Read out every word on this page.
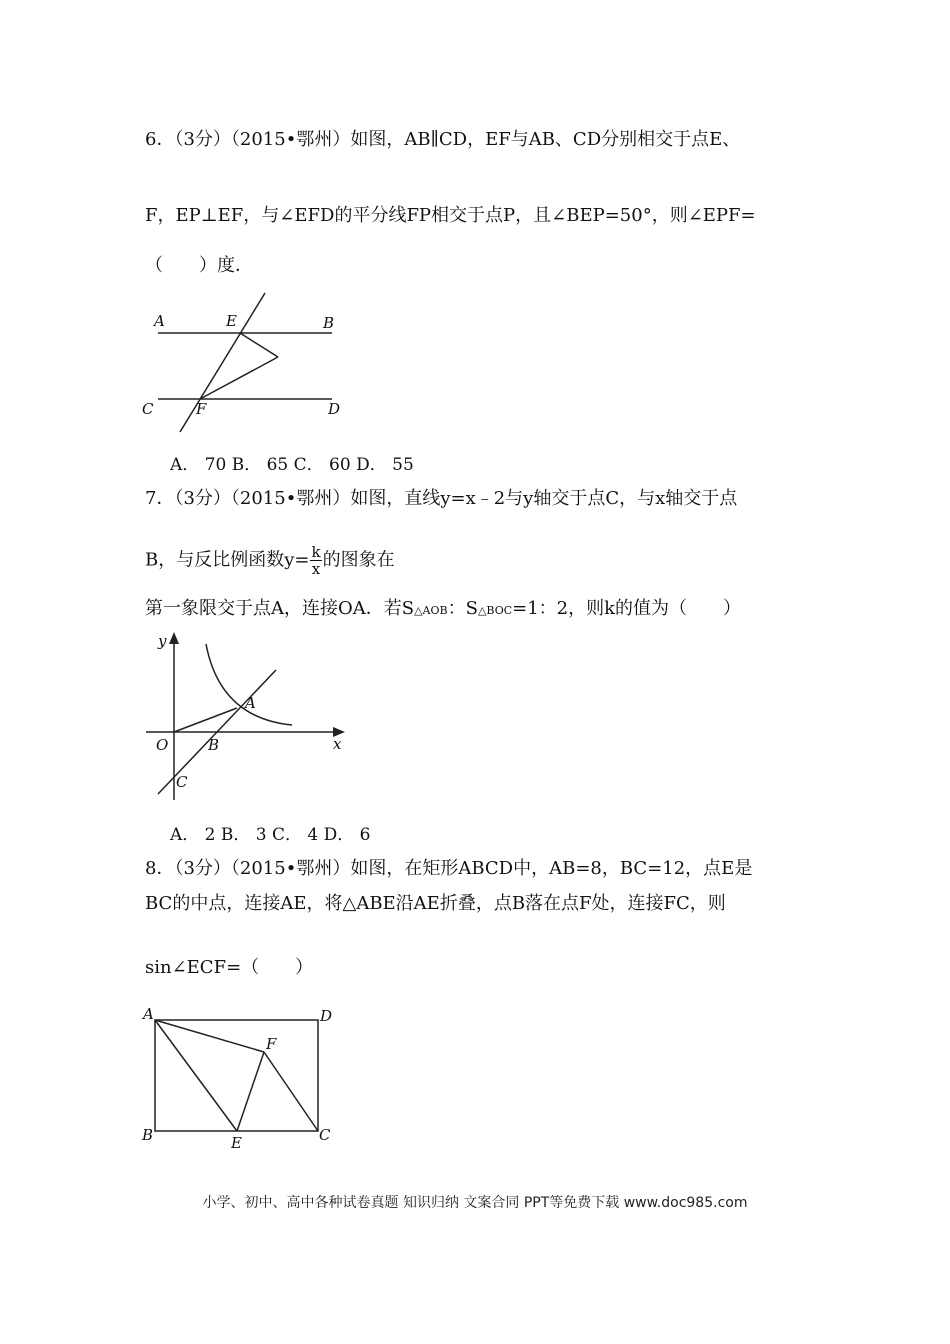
6．（3分）（2015•鄂州）如图，AB∥CD，EF与AB、CD分别相交于点E、
F，EP⊥EF，与∠EFD的平分线FP相交于点P，且∠BEP=50°，则∠EPF=
（　　）度．
A	E	B
C	F	D
A． 70 B． 65 C． 60 D． 55
7．（3分）（2015•鄂州）如图，直线y=x﹣2与y轴交于点C，与x轴交于点
B，与反比例函数$y= \frac{k}{x}$ 的图象在
第一象限交于点A，连接OA．若S△AOB：S△BOC=1：2，则k的值为（　　）
y
A
O	B	x
C
A． 2 B． 3 C． 4 D． 6
8．（3分）（2015•鄂州）如图，在矩形ABCD中，AB=8，BC=12，点E是
BC的中点，连接AE，将△ABE沿AE折叠，点B落在点F处，连接FC，则
sin∠ECF=（　　）
A	D
F
B	E	C
小学、初中、高中各种试卷真题 知识归纳 文案合同 PPT等免费下载 www.doc985.com
